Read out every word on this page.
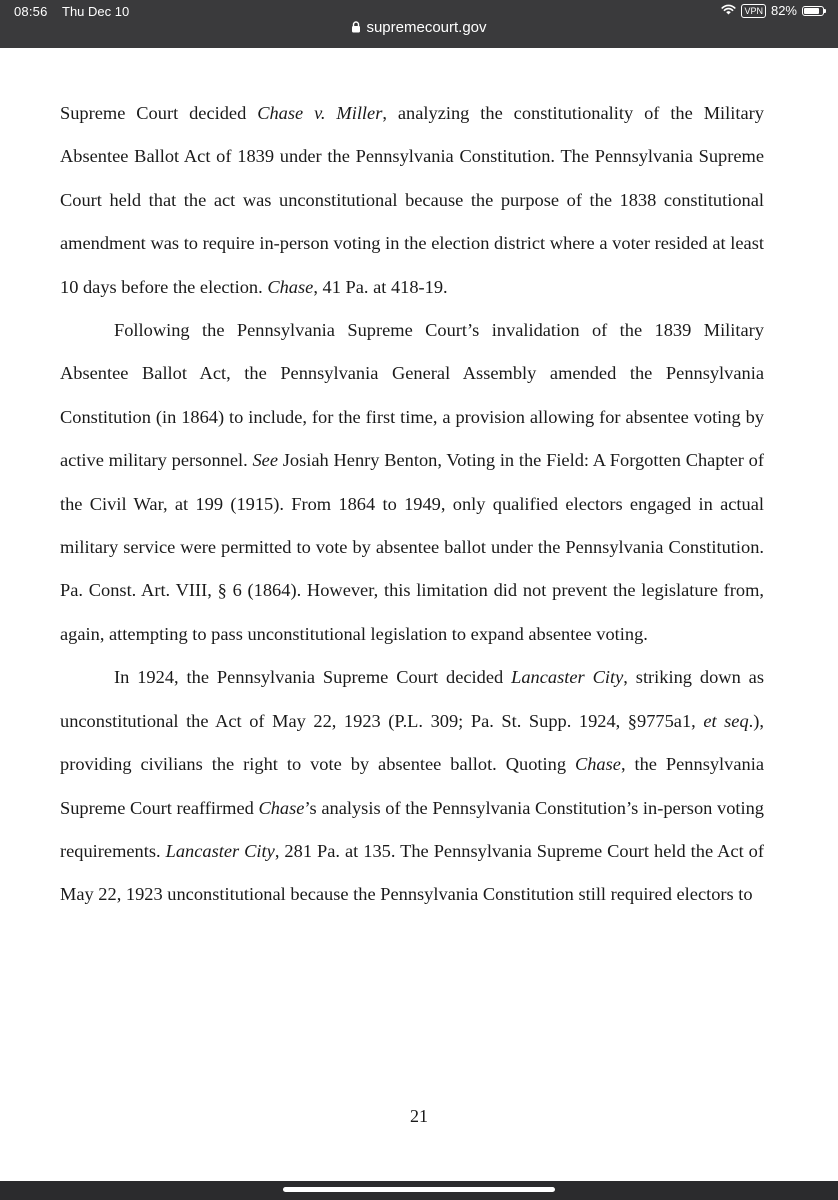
08:56 Thu Dec 10	VPN 82%
supremecourt.gov

Supreme Court decided Chase v. Miller, analyzing the constitutionality of the Military Absentee Ballot Act of 1839 under the Pennsylvania Constitution. The Pennsylvania Supreme Court held that the act was unconstitutional because the purpose of the 1838 constitutional amendment was to require in-person voting in the election district where a voter resided at least 10 days before the election. Chase, 41 Pa. at 418-19.

Following the Pennsylvania Supreme Court’s invalidation of the 1839 Military Absentee Ballot Act, the Pennsylvania General Assembly amended the Pennsylvania Constitution (in 1864) to include, for the first time, a provision allowing for absentee voting by active military personnel. See Josiah Henry Benton, Voting in the Field: A Forgotten Chapter of the Civil War, at 199 (1915). From 1864 to 1949, only qualified electors engaged in actual military service were permitted to vote by absentee ballot under the Pennsylvania Constitution. Pa. Const. Art. VIII, § 6 (1864). However, this limitation did not prevent the legislature from, again, attempting to pass unconstitutional legislation to expand absentee voting.

In 1924, the Pennsylvania Supreme Court decided Lancaster City, striking down as unconstitutional the Act of May 22, 1923 (P.L. 309; Pa. St. Supp. 1924, §9775a1, et seq.), providing civilians the right to vote by absentee ballot. Quoting Chase, the Pennsylvania Supreme Court reaffirmed Chase’s analysis of the Pennsylvania Constitution’s in-person voting requirements. Lancaster City, 281 Pa. at 135. The Pennsylvania Supreme Court held the Act of May 22, 1923 unconstitutional because the Pennsylvania Constitution still required electors to

21
